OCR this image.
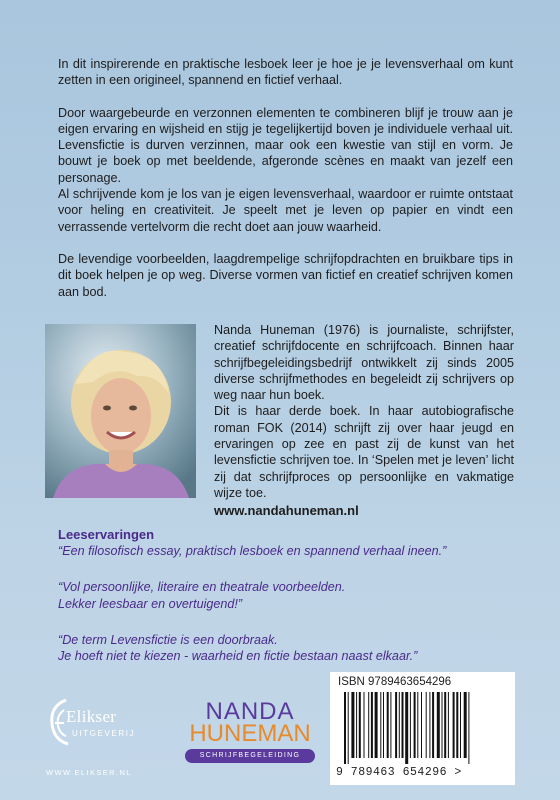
In dit inspirerende en praktische lesboek leer je hoe je je levensverhaal om kunt zetten in een origineel, spannend en fictief verhaal.

Door waargebeurde en verzonnen elementen te combineren blijf je trouw aan je eigen ervaring en wijsheid en stijg je tegelijkertijd boven je individuele verhaal uit. Levensfictie is durven verzinnen, maar ook een kwestie van stijl en vorm. Je bouwt je boek op met beeldende, afgeronde scènes en maakt van jezelf een personage.

Al schrijvende kom je los van je eigen levensverhaal, waardoor er ruimte ontstaat voor heling en creativiteit. Je speelt met je leven op papier en vindt een verrassende vertelvorm die recht doet aan jouw waarheid.

De levendige voorbeelden, laagdrempelige schrijfopdrachten en bruikbare tips in dit boek helpen je op weg. Diverse vormen van fictief en creatief schrijven komen aan bod.

Nanda Huneman (1976) is journaliste, schrijfster, creatief schrijfdocente en schrijfcoach. Binnen haar schrijfbegeleidingsbedrijf ontwikkelt zij sinds 2005 diverse schrijfmethodes en begeleidt zij schrijvers op weg naar hun boek.

Dit is haar derde boek. In haar autobiografische roman FOK (2014) schrijft zij over haar jeugd en ervaringen op zee en past zij de kunst van het levensfictie schrijven toe. In ‘Spelen met je leven’ licht zij dat schrijfproces op persoonlijke en vakmatige wijze toe.

www.nandahuneman.nl

Leeservaringen

“Een filosofisch essay, praktisch lesboek en spannend verhaal ineen.”

“Vol persoonlijke, literaire en theatrale voorbeelden.
Lekker leesbaar en overtuigend!”

“De term Levensfictie is een doorbraak.
Je hoeft niet te kiezen - waarheid en fictie bestaan naast elkaar.”

Elikser
UITGEVERIJ
WWW.ELIKSER.NL
NANDA
HUNEMAN
SCHRIJFBEGELEIDING
ISBN 9789463654296
9 789463 654296 >
